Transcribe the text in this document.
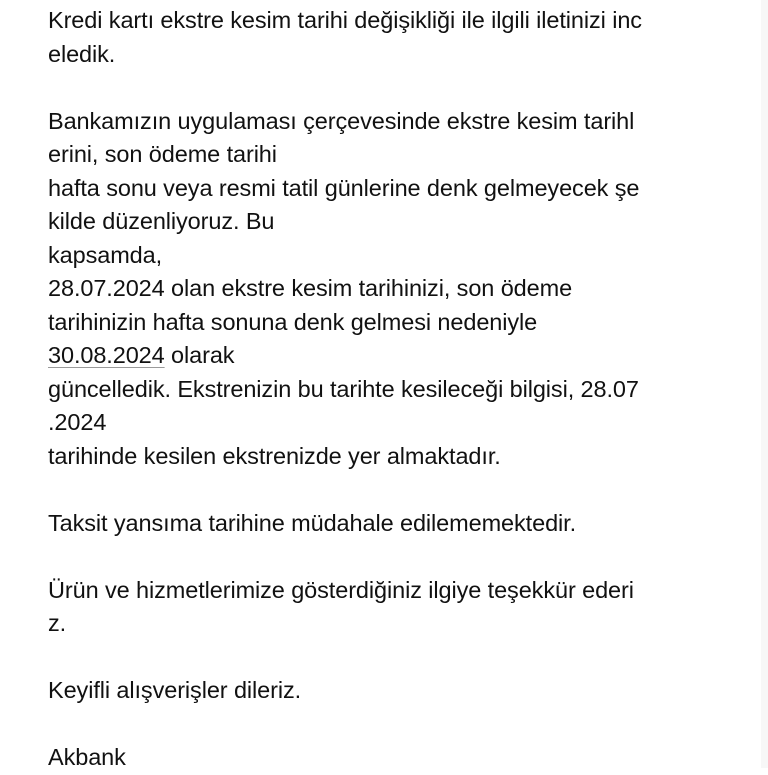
Kredi kartı ekstre kesim tarihi değişikliği ile ilgili iletinizi inc
eledik.
Bankamızın uygulaması çerçevesinde ekstre kesim tarihl
erini, son ödeme tarihi
hafta sonu veya resmi tatil günlerine denk gelmeyecek şe
kilde düzenliyoruz. Bu
kapsamda,
28.07.2024 olan ekstre kesim tarihinizi, son ödeme
tarihinizin hafta sonuna denk gelmesi nedeniyle
30.08.2024 olarak
güncelledik. Ekstrenizin bu tarihte kesileceği bilgisi, 28.07
.2024
tarihinde kesilen ekstrenizde yer almaktadır.
Taksit yansıma tarihine müdahale edilememektedir.
Ürün ve hizmetlerimize gösterdiğiniz ilgiye teşekkür ederi
z.
Keyifli alışverişler dileriz.
Akbank
